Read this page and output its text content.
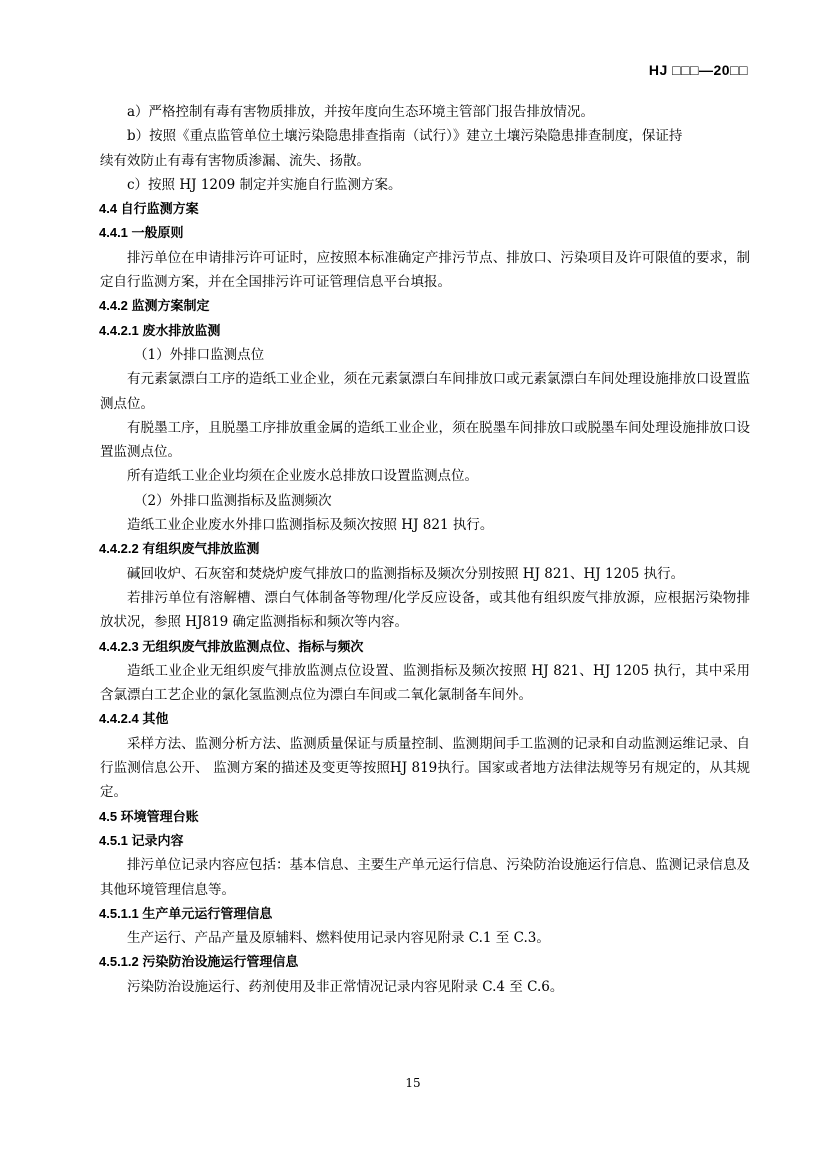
HJ □□□—20□□
a）严格控制有毒有害物质排放，并按年度向生态环境主管部门报告排放情况。
b）按照《重点监管单位土壤污染隐患排查指南（试行）》建立土壤污染隐患排查制度，保证持
续有效防止有毒有害物质渗漏、流失、扬散。
c）按照 HJ 1209 制定并实施自行监测方案。
4.4 自行监测方案
4.4.1 一般原则
排污单位在申请排污许可证时，应按照本标准确定产排污节点、排放口、污染项目及许可限值的要求，制定自行监测方案，并在全国排污许可证管理信息平台填报。
4.4.2 监测方案制定
4.4.2.1 废水排放监测
（1）外排口监测点位
有元素氯漂白工序的造纸工业企业，须在元素氯漂白车间排放口或元素氯漂白车间处理设施排放口设置监测点位。
有脱墨工序，且脱墨工序排放重金属的造纸工业企业，须在脱墨车间排放口或脱墨车间处理设施排放口设置监测点位。
所有造纸工业企业均须在企业废水总排放口设置监测点位。
（2）外排口监测指标及监测频次
造纸工业企业废水外排口监测指标及频次按照 HJ 821 执行。
4.4.2.2 有组织废气排放监测
碱回收炉、石灰窑和焚烧炉废气排放口的监测指标及频次分别按照 HJ 821、HJ 1205 执行。
若排污单位有溶解槽、漂白气体制备等物理/化学反应设备，或其他有组织废气排放源，应根据污染物排放状况，参照 HJ819 确定监测指标和频次等内容。
4.4.2.3 无组织废气排放监测点位、指标与频次
造纸工业企业无组织废气排放监测点位设置、监测指标及频次按照 HJ 821、HJ 1205 执行，其中采用含氯漂白工艺企业的氯化氢监测点位为漂白车间或二氧化氯制备车间外。
4.4.2.4 其他
采样方法、监测分析方法、监测质量保证与质量控制、监测期间手工监测的记录和自动监测运维记录、自行监测信息公开、 监测方案的描述及变更等按照HJ 819执行。国家或者地方法律法规等另有规定的，从其规定。
4.5 环境管理台账
4.5.1 记录内容
排污单位记录内容应包括：基本信息、主要生产单元运行信息、污染防治设施运行信息、监测记录信息及其他环境管理信息等。
4.5.1.1 生产单元运行管理信息
生产运行、产品产量及原辅料、燃料使用记录内容见附录 C.1 至 C.3。
4.5.1.2 污染防治设施运行管理信息
污染防治设施运行、药剂使用及非正常情况记录内容见附录 C.4 至 C.6。
15
